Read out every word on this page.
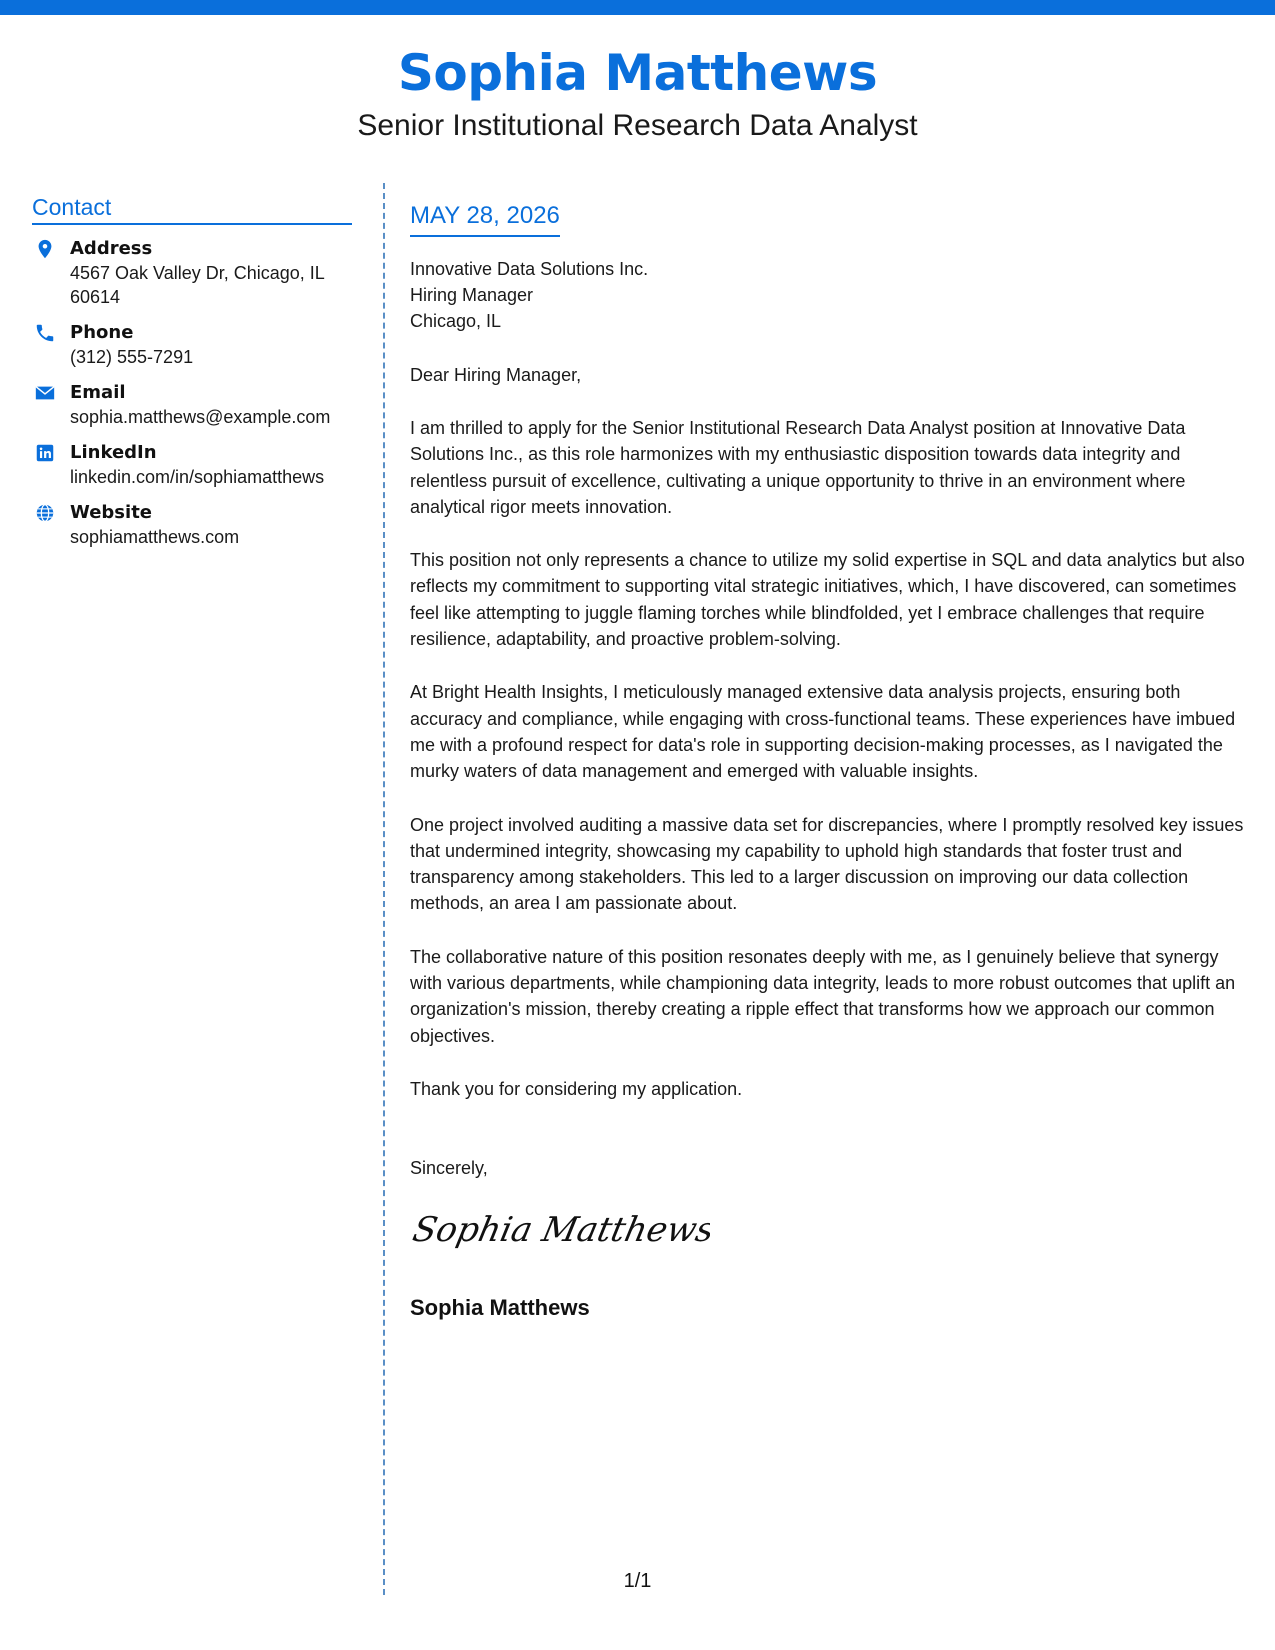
Sophia Matthews
Senior Institutional Research Data Analyst
Contact
Address
4567 Oak Valley Dr, Chicago, IL 60614
Phone
(312) 555-7291
Email
sophia.matthews@example.com
LinkedIn
linkedin.com/in/sophiamatthews
Website
sophiamatthews.com
MAY 28, 2026
Innovative Data Solutions Inc.
Hiring Manager
Chicago, IL
Dear Hiring Manager,
I am thrilled to apply for the Senior Institutional Research Data Analyst position at Innovative Data Solutions Inc., as this role harmonizes with my enthusiastic disposition towards data integrity and relentless pursuit of excellence, cultivating a unique opportunity to thrive in an environment where analytical rigor meets innovation.
This position not only represents a chance to utilize my solid expertise in SQL and data analytics but also reflects my commitment to supporting vital strategic initiatives, which, I have discovered, can sometimes feel like attempting to juggle flaming torches while blindfolded, yet I embrace challenges that require resilience, adaptability, and proactive problem-solving.
At Bright Health Insights, I meticulously managed extensive data analysis projects, ensuring both accuracy and compliance, while engaging with cross-functional teams. These experiences have imbued me with a profound respect for data's role in supporting decision-making processes, as I navigated the murky waters of data management and emerged with valuable insights.
One project involved auditing a massive data set for discrepancies, where I promptly resolved key issues that undermined integrity, showcasing my capability to uphold high standards that foster trust and transparency among stakeholders. This led to a larger discussion on improving our data collection methods, an area I am passionate about.
The collaborative nature of this position resonates deeply with me, as I genuinely believe that synergy with various departments, while championing data integrity, leads to more robust outcomes that uplift an organization's mission, thereby creating a ripple effect that transforms how we approach our common objectives.
Thank you for considering my application.
Sincerely,
Sophia Matthews
Sophia Matthews
1/1
